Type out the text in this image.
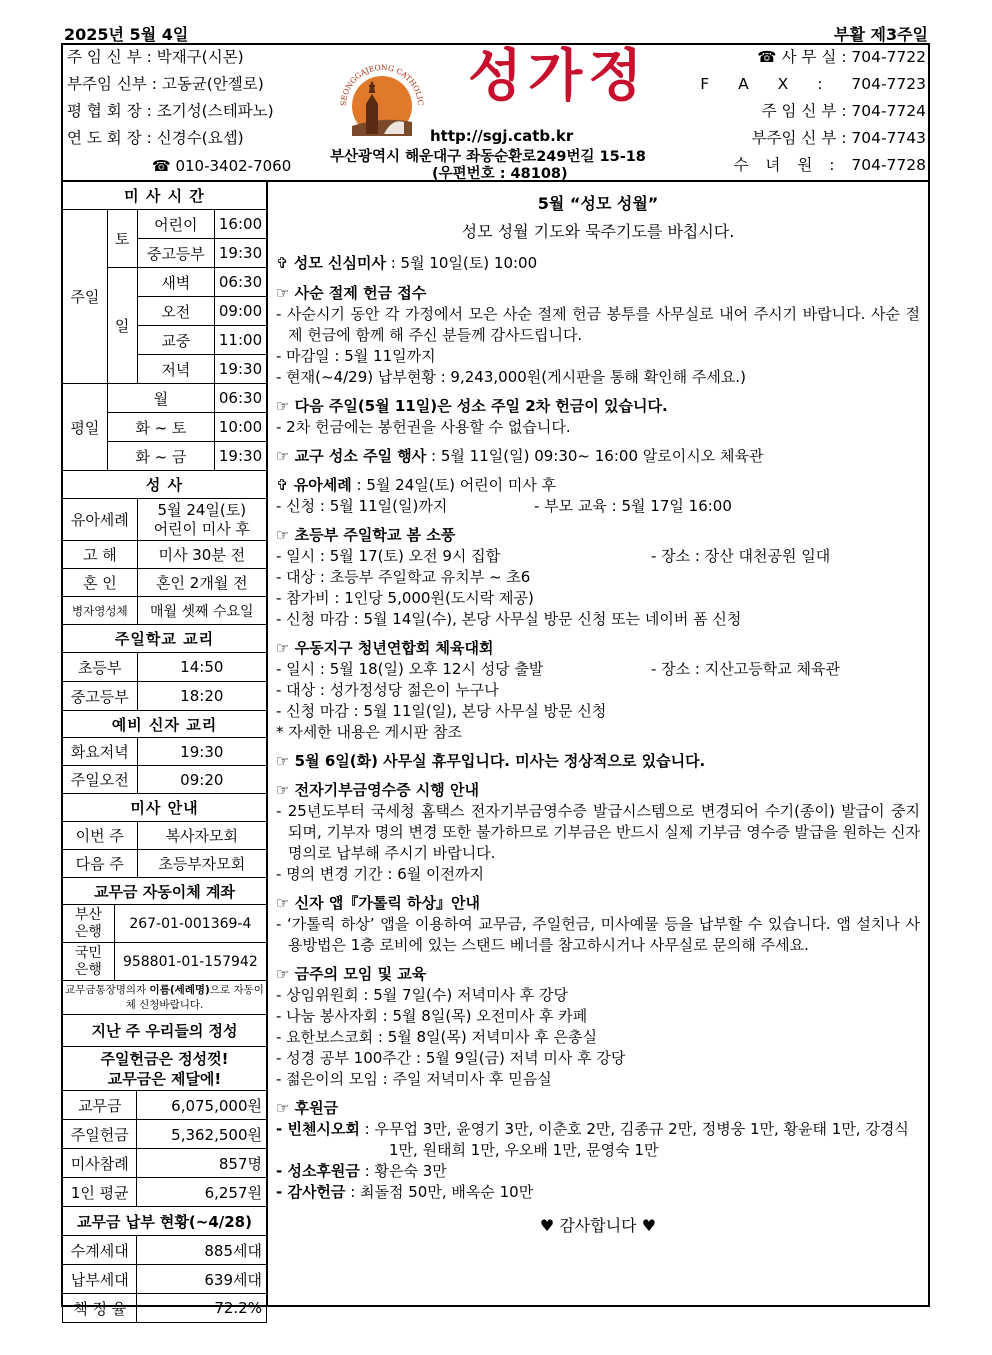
2025년 5월 4일	부활 제3주일
주 임 신 부 : 박재구(시몬)
부주임 신부 : 고동균(안젤로)
평 협 회 장 : 조기성(스테파노)
연 도 회 장 : 신경수(요셉)
☎ 010-3402-7060
SEONGGAJEONG CATHOLIC 성가정
http://sgj.catb.kr
부산광역시 해운대구 좌동순환로249번길 15-18
(우편번호 : 48108)
☎ 사 무 실 : 704-7722
F A X : 704-7723
주 임 신 부 : 704-7724
부주임 신 부 : 704-7743
수 녀 원 : 704-7728
미 사 시 간			
주일	토	어린이	16:00
		중고등부	19:30
	일	새벽	06:30
		오전	09:00
		교중	11:00
		저녁	19:30
평일	월		06:30
	화 ~ 토		10:00
	화 ~ 금		19:30
성 사	
유아세례	5월 24일(토)
어린이 미사 후
고 해	미사 30분 전
혼 인	혼인 2개월 전
병자영성체	매월 셋째 수요일
주일학교 교리	
초등부	14:50
중고등부	18:20
예비 신자 교리	
화요저녁	19:30
주일오전	09:20
미사 안내	
이번 주	복사자모회
다음 주	초등부자모회
교무금 자동이체 계좌	
부산
은행	267-01-001369-4
국민
은행	958801-01-157942
교무금통장명의자 이름(세례명)으로 자동이체 신청바랍니다.	
지난 주 우리들의 정성	

주일헌금은 정성껏!
교무금은 제달에!	

교무금	6,075,000원
주일헌금	5,362,500원
미사참례	857명
1인 평균	6,257원
교무금 납부 현황(~4/28)	
수계세대	885세대
납부세대	639세대
책 정 율	72.2%
5월 “성모 성월”
성모 성월 기도와 묵주기도를 바칩시다.
✞ 성모 신심미사 : 5월 10일(토) 10:00
☞ 사순 절제 헌금 접수
- 사순시기 동안 각 가정에서 모은 사순 절제 헌금 봉투를 사무실로 내어 주시기 바랍니다. 사순 절제 헌금에 함께 해 주신 분들께 감사드립니다.
- 마감일 : 5월 11일까지
- 현재(~4/29) 납부현황 : 9,243,000원(게시판을 통해 확인해 주세요.)
☞ 다음 주일(5월 11일)은 성소 주일 2차 헌금이 있습니다.
- 2차 헌금에는 봉헌권을 사용할 수 없습니다.
☞ 교구 성소 주일 행사 : 5월 11일(일) 09:30~ 16:00 알로이시오 체육관
✞ 유아세례 : 5월 24일(토) 어린이 미사 후
- 신청 : 5월 11일(일)까지	- 부모 교육 : 5월 17일 16:00
☞ 초등부 주일학교 봄 소풍
- 일시 : 5월 17(토) 오전 9시 집합	- 장소 : 장산 대천공원 일대
- 대상 : 초등부 주일학교 유치부 ~ 초6
- 참가비 : 1인당 5,000원(도시락 제공)
- 신청 마감 : 5월 14일(수), 본당 사무실 방문 신청 또는 네이버 폼 신청
☞ 우동지구 청년연합회 체육대회
- 일시 : 5월 18(일) 오후 12시 성당 출발	- 장소 : 지산고등학교 체육관
- 대상 : 성가정성당 젊은이 누구나
- 신청 마감 : 5월 11일(일), 본당 사무실 방문 신청
* 자세한 내용은 게시판 참조
☞ 5월 6일(화) 사무실 휴무입니다. 미사는 정상적으로 있습니다.
☞ 전자기부금영수증 시행 안내
- 25년도부터 국세청 홈택스 전자기부금영수증 발급시스템으로 변경되어 수기(종이) 발급이 중지되며, 기부자 명의 변경 또한 불가하므로 기부금은 반드시 실제 기부금 영수증 발급을 원하는 신자 명의로 납부해 주시기 바랍니다.
- 명의 변경 기간 : 6월 이전까지
☞ 신자 앱『가톨릭 하상』안내
- ‘가톨릭 하상’ 앱을 이용하여 교무금, 주일헌금, 미사예물 등을 납부할 수 있습니다. 앱 설치나 사용방법은 1층 로비에 있는 스탠드 베너를 참고하시거나 사무실로 문의해 주세요.
☞ 금주의 모임 및 교육
- 상임위원회 : 5월 7일(수) 저녁미사 후 강당
- 나눔 봉사자회 : 5월 8일(목) 오전미사 후 카페
- 요한보스코회 : 5월 8일(목) 저녁미사 후 은총실
- 성경 공부 100주간 : 5월 9일(금) 저녁 미사 후 강당
- 젊은이의 모임 : 주일 저녁미사 후 믿음실
☞ 후원금
- 빈첸시오회 : 우무업 3만, 윤영기 3만, 이춘호 2만, 김종규 2만, 정병웅 1만, 황윤태 1만, 강경식 1만, 원태희 1만, 우오배 1만, 문영숙 1만
- 성소후원금 : 황은숙 3만
- 감사헌금 : 최돌점 50만, 배옥순 10만
♥ 감사합니다 ♥
